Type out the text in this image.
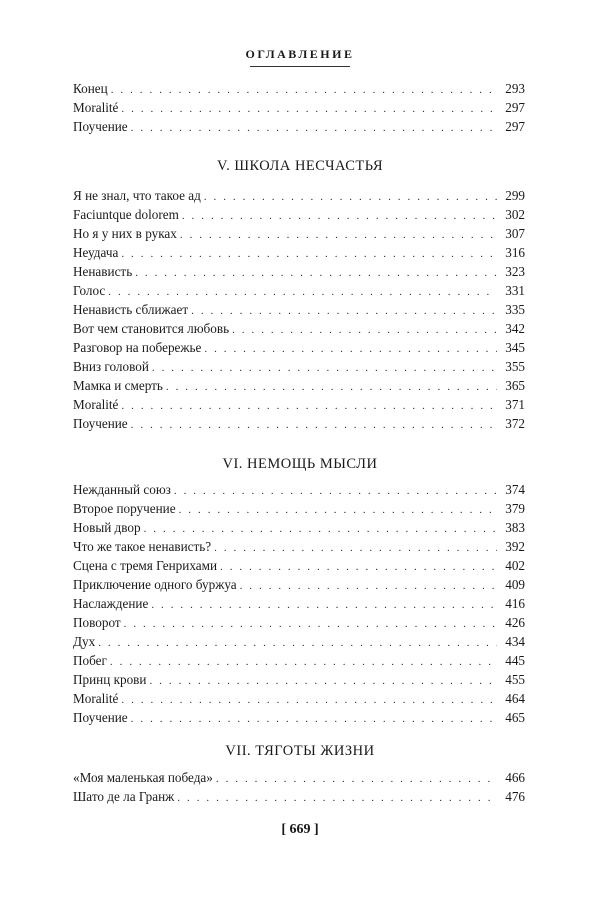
ОГЛАВЛЕНИЕ
Конец . . .	293
Moralité . . .	297
Поучение . . .	297
V. ШКОЛА НЕСЧАСТЬЯ
Я не знал, что такое ад . . .	299
Faciuntque dolorem . . .	302
Но я у них в руках . . .	307
Неудача . . .	316
Ненависть . . .	323
Голос . . .	331
Ненависть сближает . . .	335
Вот чем становится любовь . . .	342
Разговор на побережье . . .	345
Вниз головой . . .	355
Мамка и смерть . . .	365
Moralité . . .	371
Поучение . . .	372
VI. НЕМОЩЬ МЫСЛИ
Нежданный союз . . .	374
Второе поручение . . .	379
Новый двор . . .	383
Что же такое ненависть? . . .	392
Сцена с тремя Генрихами . . .	402
Приключение одного буржуа . . .	409
Наслаждение . . .	416
Поворот . . .	426
Дух . . .	434
Побег . . .	445
Принц крови . . .	455
Moralité . . .	464
Поучение . . .	465
VII. ТЯГОТЫ ЖИЗНИ
«Моя маленькая победа» . . .	466
Шато де ла Гранж . . .	476
[ 669 ]
